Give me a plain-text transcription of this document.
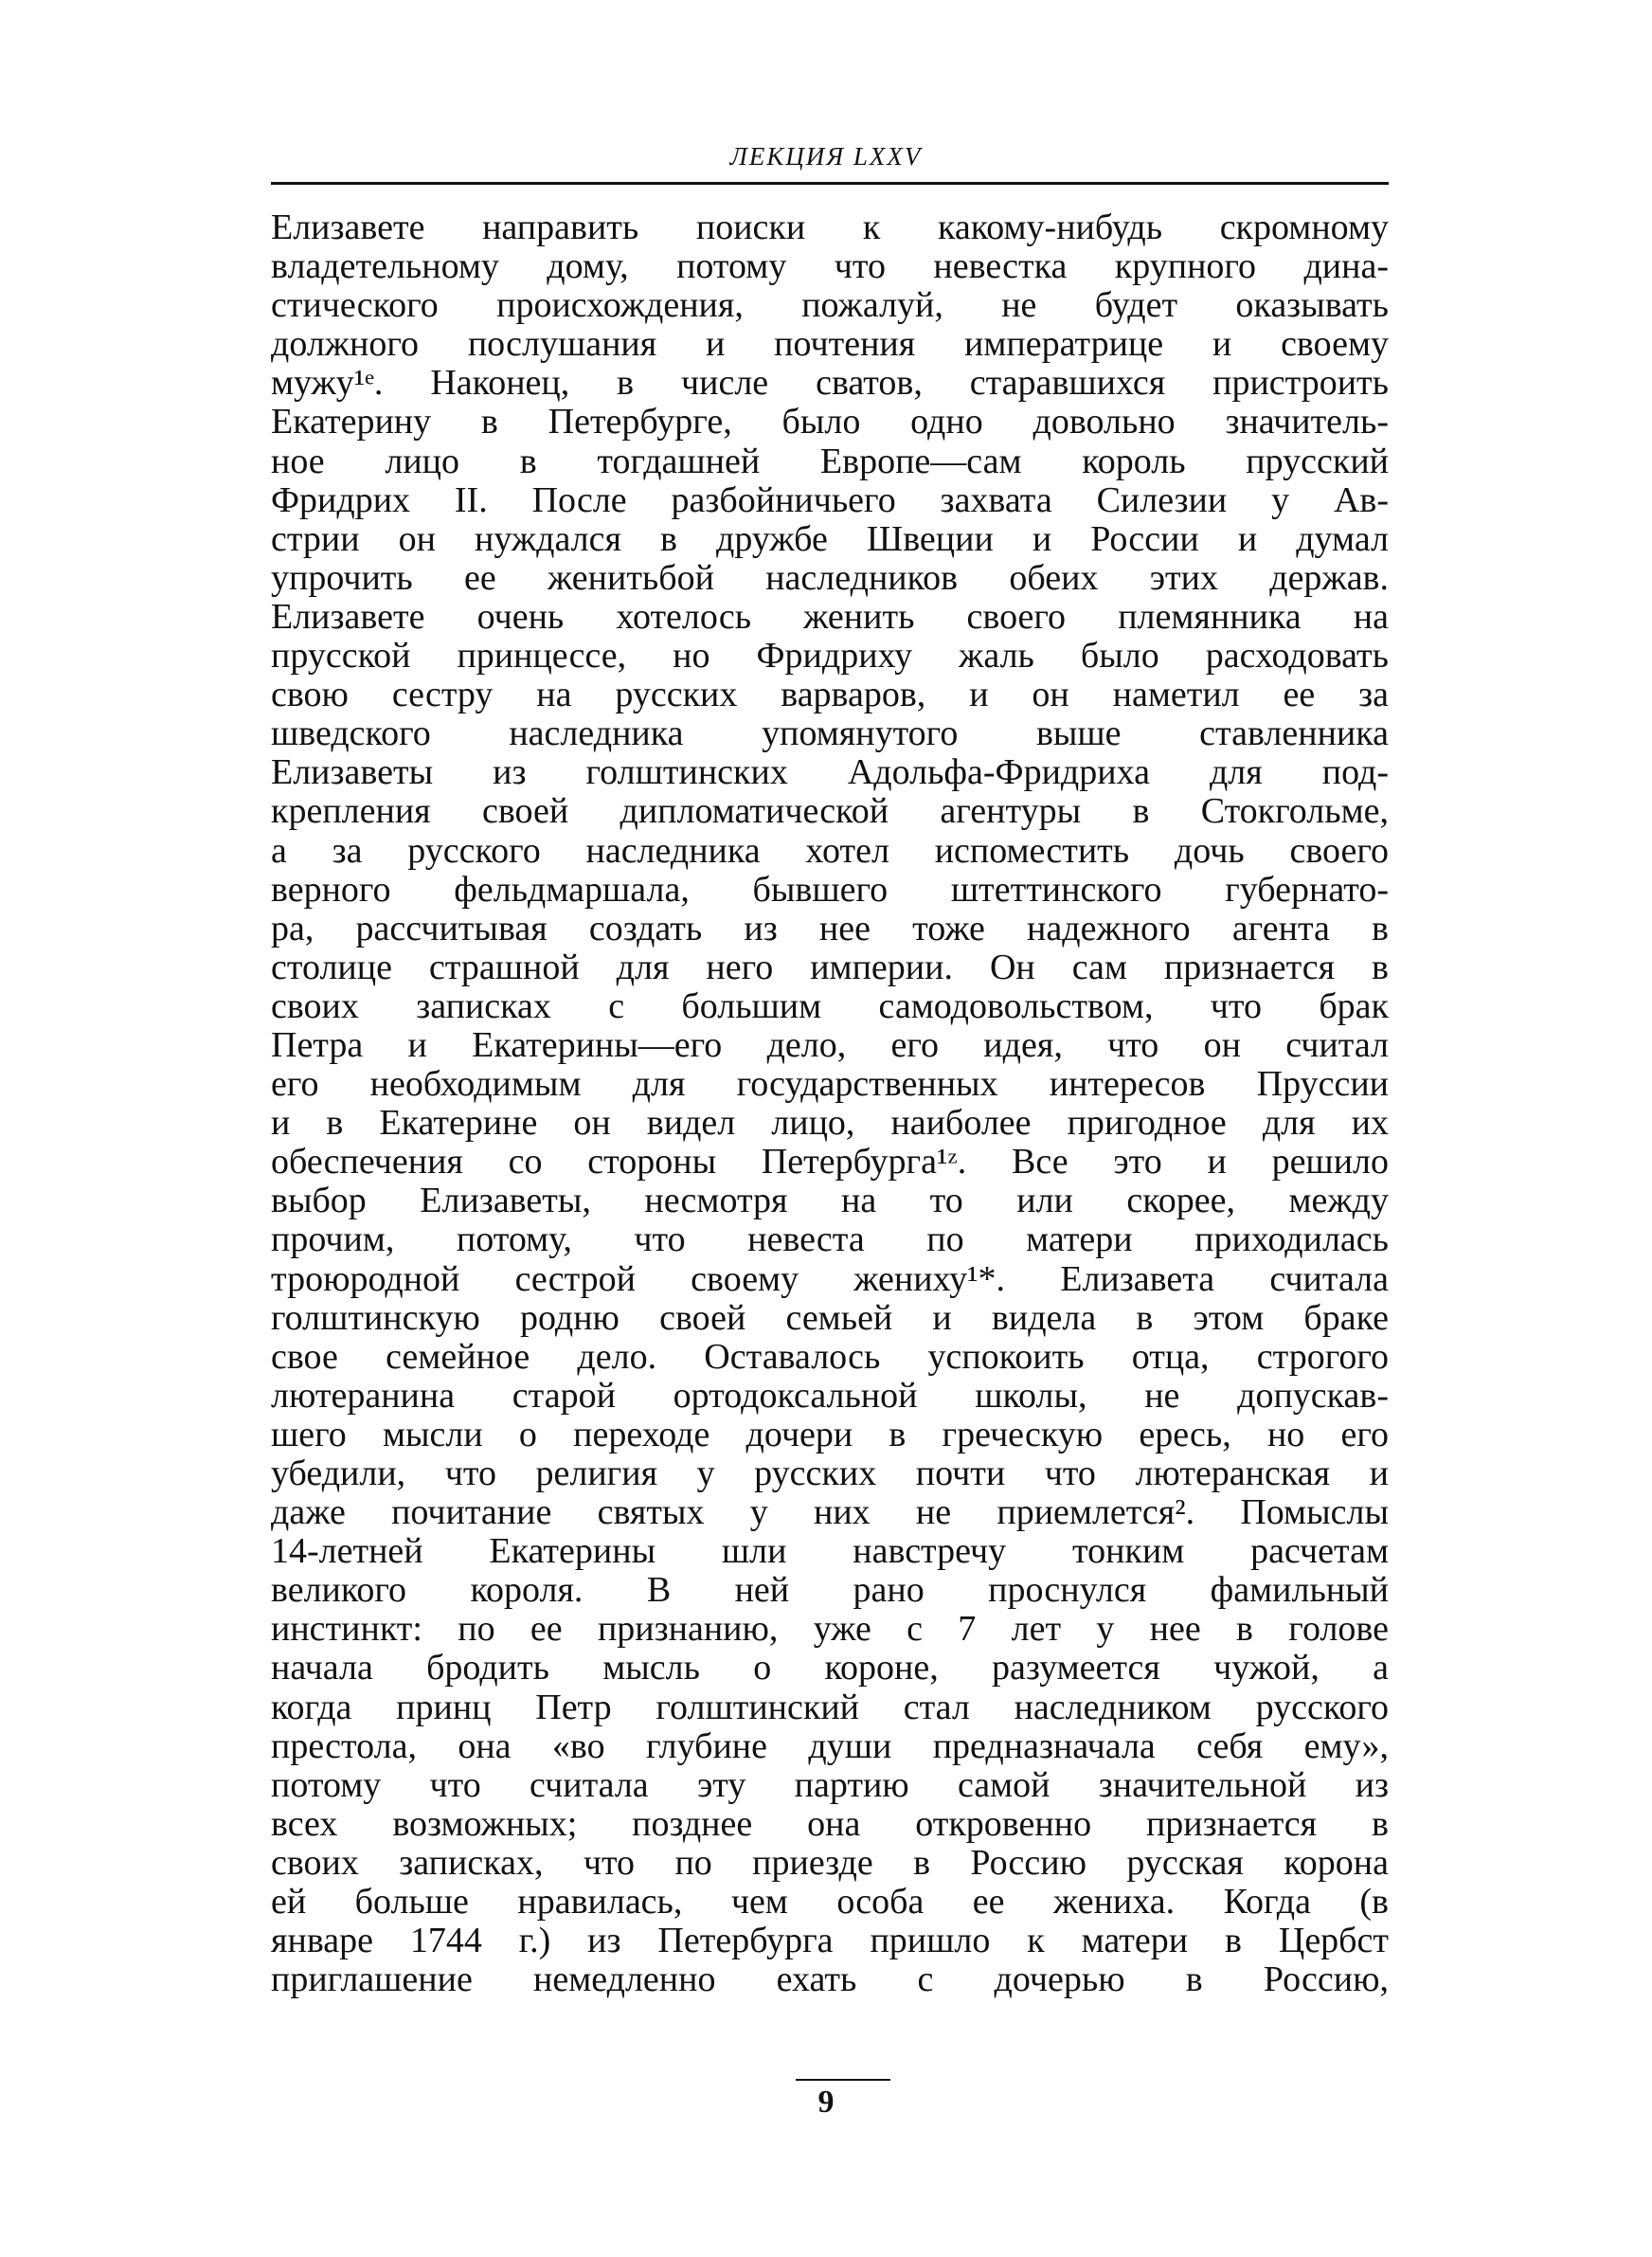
ЛЕКЦИЯ LXXV
Елизавете направить поиски к какому-нибудь скромному
владетельному дому, потому что невестка крупного дина-
стического происхождения, пожалуй, не будет оказывать
должного послушания и почтения императрице и своему
мужу¹ᵉ. Наконец, в числе сватов, старавшихся пристроить
Екатерину в Петербурге, было одно довольно значитель-
ное лицо в тогдашней Европе—сам король прусский
Фридрих II. После разбойничьего захвата Силезии у Ав-
стрии он нуждался в дружбе Швеции и России и думал
упрочить ее женитьбой наследников обеих этих держав.
Елизавете очень хотелось женить своего племянника на
прусской принцессе, но Фридриху жаль было расходовать
свою сестру на русских варваров, и он наметил ее за
шведского наследника упомянутого выше ставленника
Елизаветы из голштинских Адольфа-Фридриха для под-
крепления своей дипломатической агентуры в Стокгольме,
а за русского наследника хотел испоместить дочь своего
верного фельдмаршала, бывшего штеттинского губернато-
ра, рассчитывая создать из нее тоже надежного агента в
столице страшной для него империи. Он сам признается в
своих записках с большим самодовольством, что брак
Петра и Екатерины—его дело, его идея, что он считал
его необходимым для государственных интересов Пруссии
и в Екатерине он видел лицо, наиболее пригодное для их
обеспечения со стороны Петербурга¹ᶻ. Все это и решило
выбор Елизаветы, несмотря на то или скорее, между
прочим, потому, что невеста по матери приходилась
троюродной сестрой своему жениху¹*. Елизавета считала
голштинскую родню своей семьей и видела в этом браке
свое семейное дело. Оставалось успокоить отца, строгого
лютеранина старой ортодоксальной школы, не допускав-
шего мысли о переходе дочери в греческую ересь, но его
убедили, что религия у русских почти что лютеранская и
даже почитание святых у них не приемлется². Помыслы
14-летней Екатерины шли навстречу тонким расчетам
великого короля. В ней рано проснулся фамильный
инстинкт: по ее признанию, уже с 7 лет у нее в голове
начала бродить мысль о короне, разумеется чужой, а
когда принц Петр голштинский стал наследником русского
престола, она «во глубине души предназначала себя ему»,
потому что считала эту партию самой значительной из
всех возможных; позднее она откровенно признается в
своих записках, что по приезде в Россию русская корона
ей больше нравилась, чем особа ее жениха. Когда (в
январе 1744 г.) из Петербурга пришло к матери в Цербст
приглашение немедленно ехать с дочерью в Россию,
9
